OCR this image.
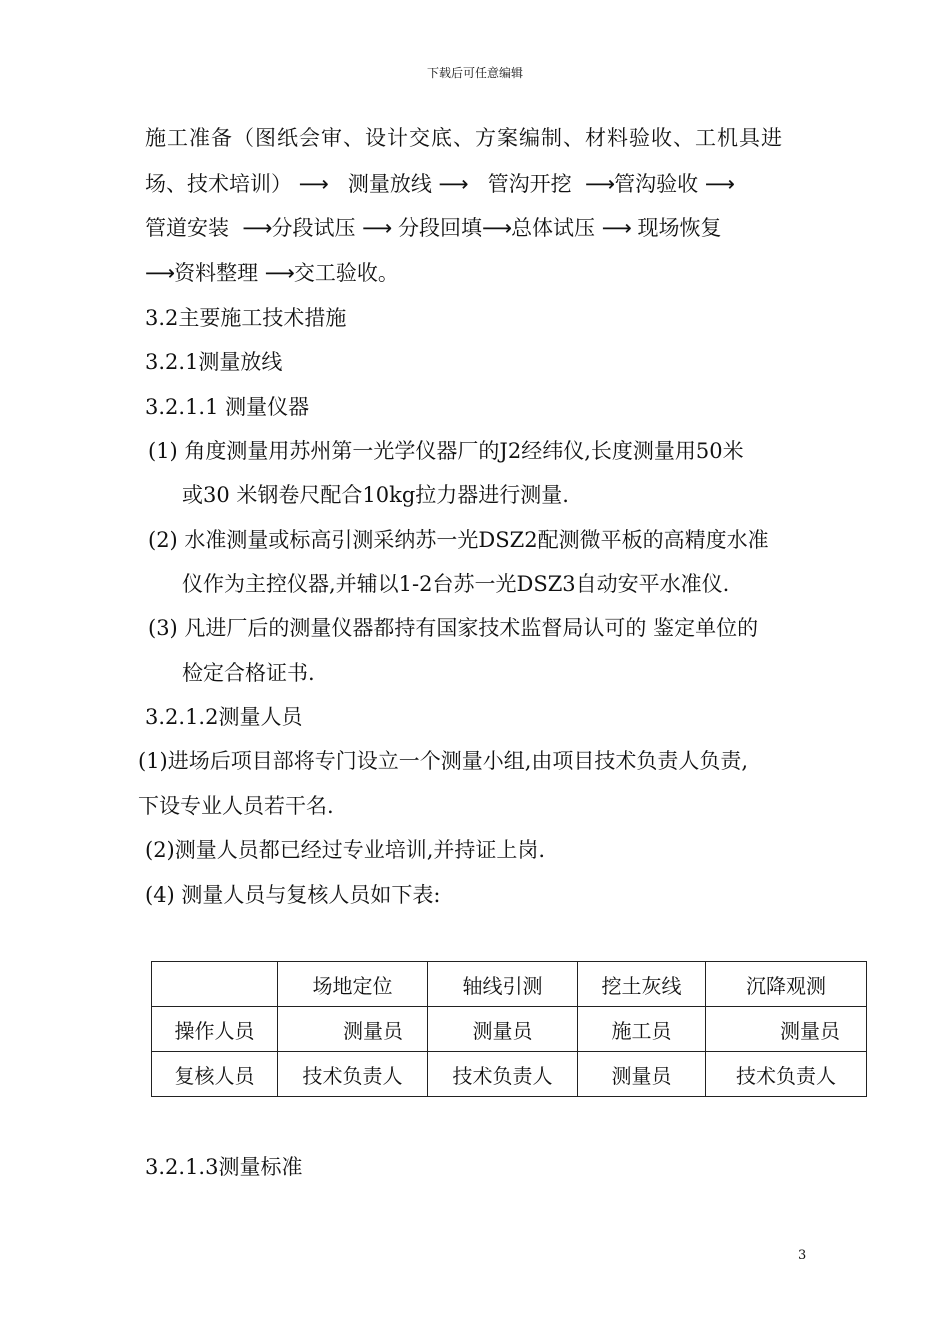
下载后可任意编辑
施工准备（图纸会审、设计交底、方案编制、材料验收、工机具进
场、技术培训） ⟶ 测量放线 ⟶ 管沟开挖 ⟶管沟验收 ⟶
管道安装 ⟶分段试压 ⟶ 分段回填⟶总体试压 ⟶ 现场恢复
⟶资料整理 ⟶交工验收。
3.2主要施工技术措施
3.2.1测量放线
3.2.1.1 测量仪器
(1) 角度测量用苏州第一光学仪器厂的J2经纬仪,长度测量用50米
或30 米钢卷尺配合10kg拉力器进行测量.
(2) 水准测量或标高引测采纳苏一光DSZ2配测微平板的高精度水准
仪作为主控仪器,并辅以1-2台苏一光DSZ3自动安平水准仪.
(3) 凡进厂后的测量仪器都持有国家技术监督局认可的 鉴定单位的
检定合格证书.
3.2.1.2测量人员
(1)进场后项目部将专门设立一个测量小组,由项目技术负责人负责,
下设专业人员若干名.
(2)测量人员都已经过专业培训,并持证上岗.
(4) 测量人员与复核人员如下表:
	场地定位	轴线引测	挖土灰线	沉降观测
操作人员	测量员	测量员	施工员	测量员
复核人员	技术负责人	技术负责人	测量员	技术负责人
3.2.1.3测量标准
3
